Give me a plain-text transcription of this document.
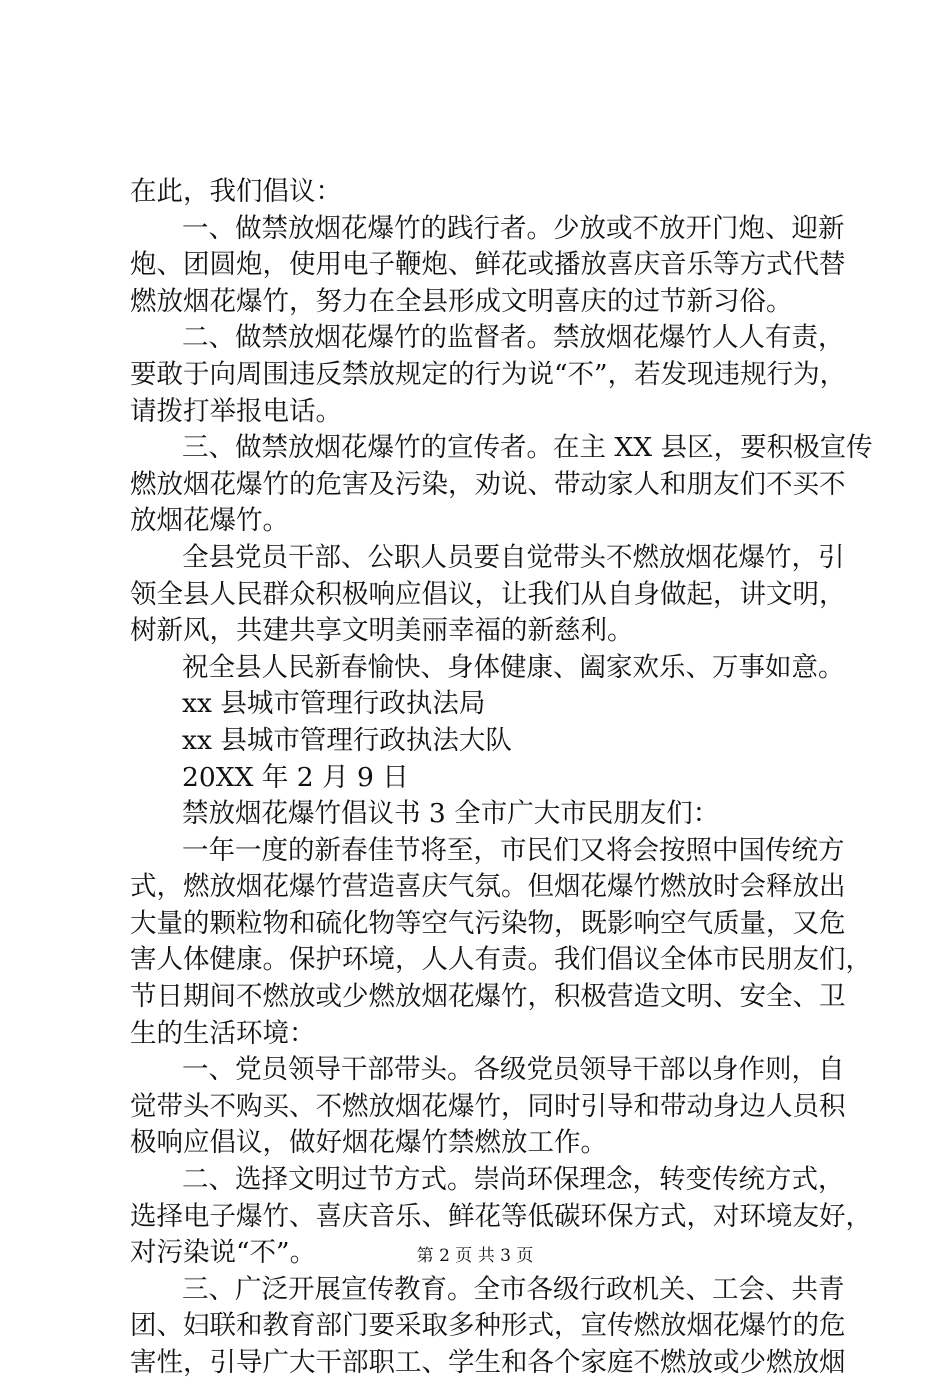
在此，我们倡议：
一、做禁放烟花爆竹的践行者。少放或不放开门炮、迎新
炮、团圆炮，使用电子鞭炮、鲜花或播放喜庆音乐等方式代替
燃放烟花爆竹，努力在全县形成文明喜庆的过节新习俗。
二、做禁放烟花爆竹的监督者。禁放烟花爆竹人人有责，
要敢于向周围违反禁放规定的行为说“不”，若发现违规行为，
请拨打举报电话。
三、做禁放烟花爆竹的宣传者。在主 XX 县区，要积极宣传
燃放烟花爆竹的危害及污染，劝说、带动家人和朋友们不买不
放烟花爆竹。
全县党员干部、公职人员要自觉带头不燃放烟花爆竹，引
领全县人民群众积极响应倡议，让我们从自身做起，讲文明，
树新风，共建共享文明美丽幸福的新慈利。
祝全县人民新春愉快、身体健康、阖家欢乐、万事如意。
xx 县城市管理行政执法局
xx 县城市管理行政执法大队
20XX 年 2 月 9 日
禁放烟花爆竹倡议书 3 全市广大市民朋友们：
一年一度的新春佳节将至，市民们又将会按照中国传统方
式，燃放烟花爆竹营造喜庆气氛。但烟花爆竹燃放时会释放出
大量的颗粒物和硫化物等空气污染物，既影响空气质量，又危
害人体健康。保护环境，人人有责。我们倡议全体市民朋友们，
节日期间不燃放或少燃放烟花爆竹，积极营造文明、安全、卫
生的生活环境：
一、党员领导干部带头。各级党员领导干部以身作则，自
觉带头不购买、不燃放烟花爆竹，同时引导和带动身边人员积
极响应倡议，做好烟花爆竹禁燃放工作。
二、选择文明过节方式。崇尚环保理念，转变传统方式，
选择电子爆竹、喜庆音乐、鲜花等低碳环保方式，对环境友好，
对污染说“不”。
三、广泛开展宣传教育。全市各级行政机关、工会、共青
团、妇联和教育部门要采取多种形式，宣传燃放烟花爆竹的危
害性，引导广大干部职工、学生和各个家庭不燃放或少燃放烟
第 2 页 共 3 页
